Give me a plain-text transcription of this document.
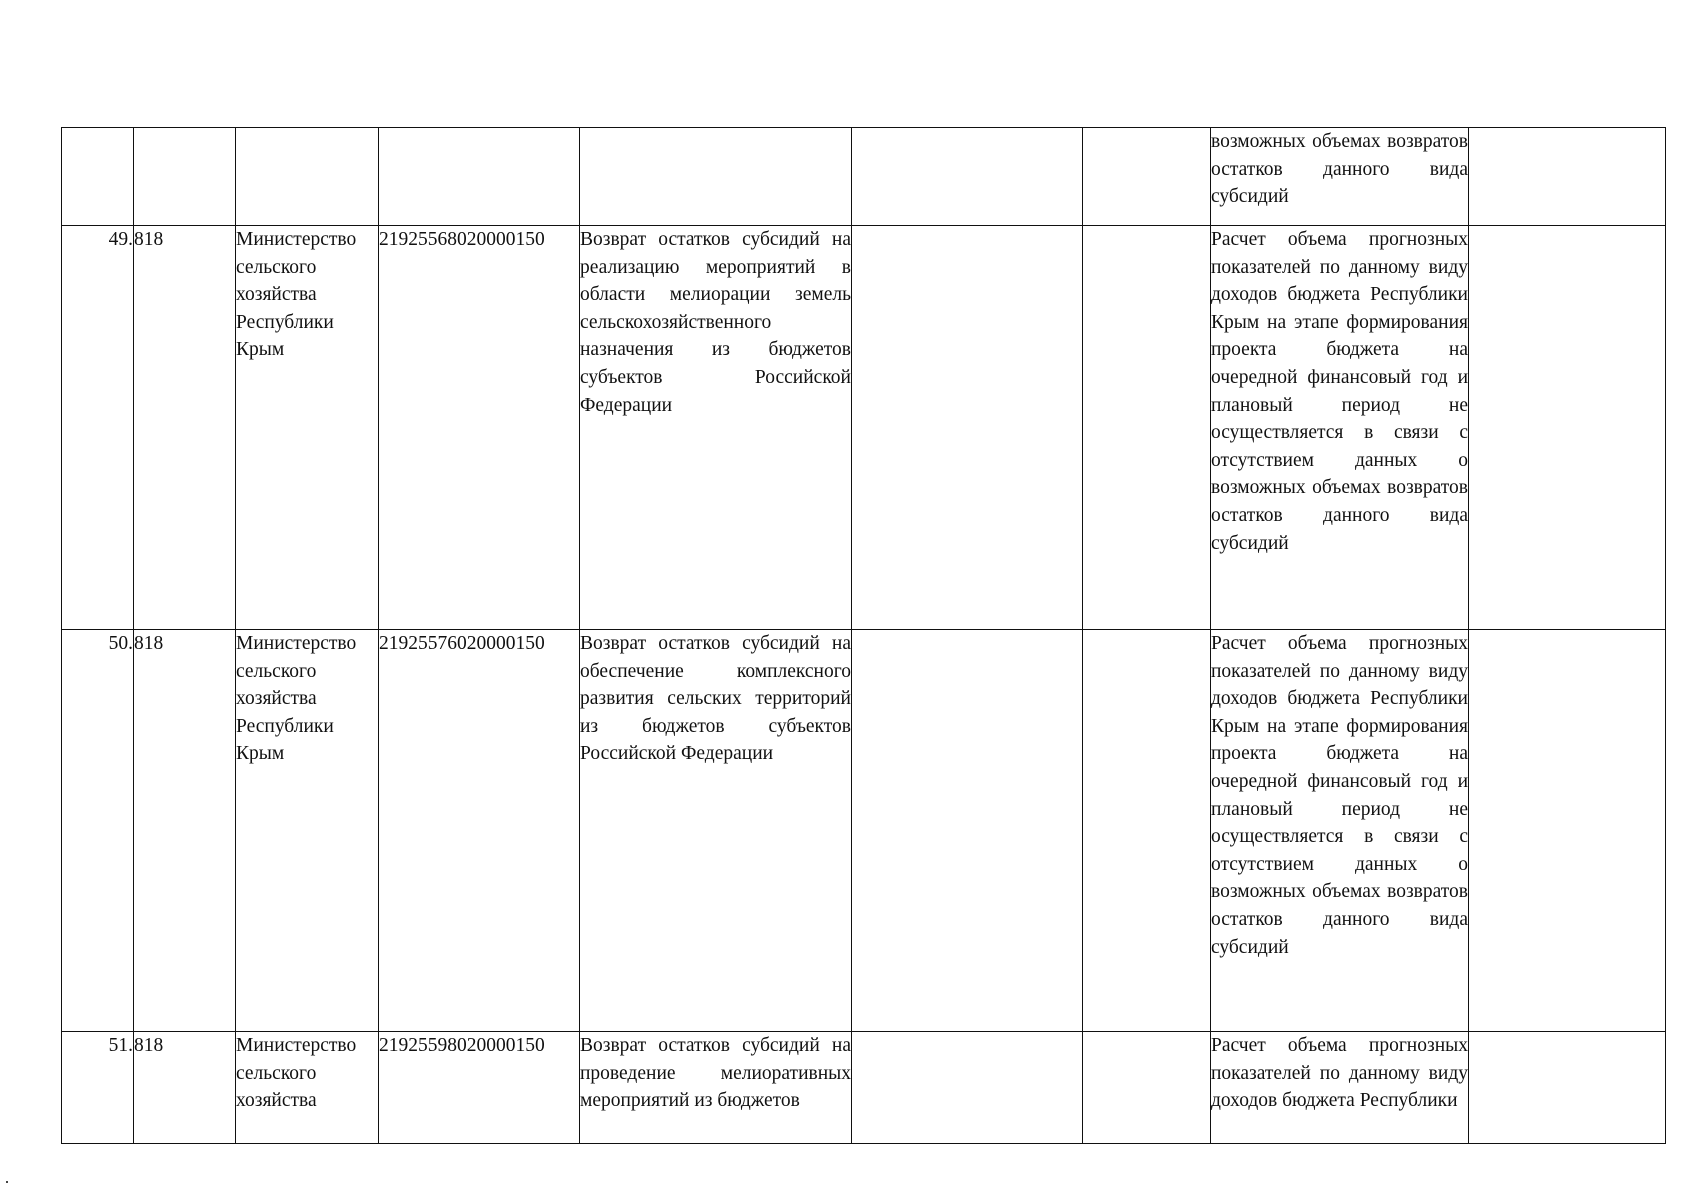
							возможных объемах возвратов остатков данного вида субсидий	
49.	818	Министерство сельского хозяйства Республики Крым	21925568020000150	Возврат остатков субсидий на реализацию мероприятий в области мелиорации земель сельскохозяйственного назначения из бюджетов субъектов Российской Федерации			Расчет объема прогнозных показателей по данному виду доходов бюджета Республики Крым на этапе формирования проекта бюджета на очередной финансовый год и плановый период не осуществляется в связи с отсутствием данных о возможных объемах возвратов остатков данного вида субсидий	
50.	818	Министерство сельского хозяйства Республики Крым	21925576020000150	Возврат остатков субсидий на обеспечение комплексного развития сельских территорий из бюджетов субъектов Российской Федерации			Расчет объема прогнозных показателей по данному виду доходов бюджета Республики Крым на этапе формирования проекта бюджета на очередной финансовый год и плановый период не осуществляется в связи с отсутствием данных о возможных объемах возвратов остатков данного вида субсидий	
51.	818	Министерство сельского хозяйства	21925598020000150	Возврат остатков субсидий на проведение мелиоративных мероприятий из бюджетов			Расчет объема прогнозных показателей по данному виду доходов бюджета Республики	
